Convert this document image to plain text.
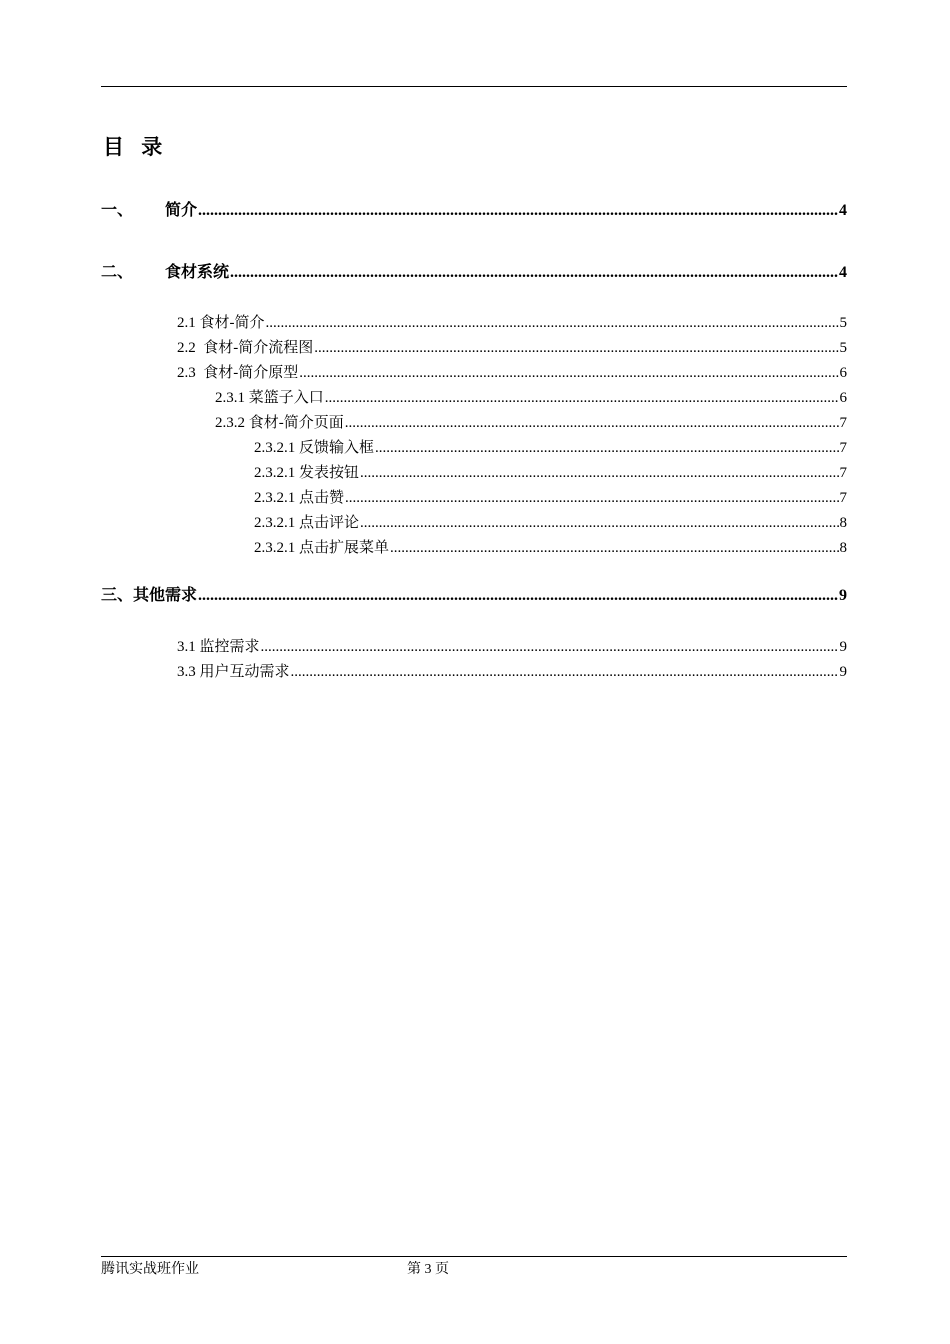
目 录
一、 简介 .....	4
二、 食材系统 .....	4
2.1 食材-简介 .....	5
2.2  食材-简介流程图 .....	5
2.3  食材-简介原型 .....	6
2.3.1 菜篮子入口 .....	6
2.3.2 食材-简介页面 .....	7
2.3.2.1 反馈输入框 .....	7
2.3.2.1 发表按钮 .....	7
2.3.2.1 点击赞 .....	7
2.3.2.1 点击评论 .....	8
2.3.2.1 点击扩展菜单 .....	8
三、其他需求 .....	9
3.1 监控需求 .....	9
3.3 用户互动需求 .....	9
腾讯实战班作业	第 3 页
